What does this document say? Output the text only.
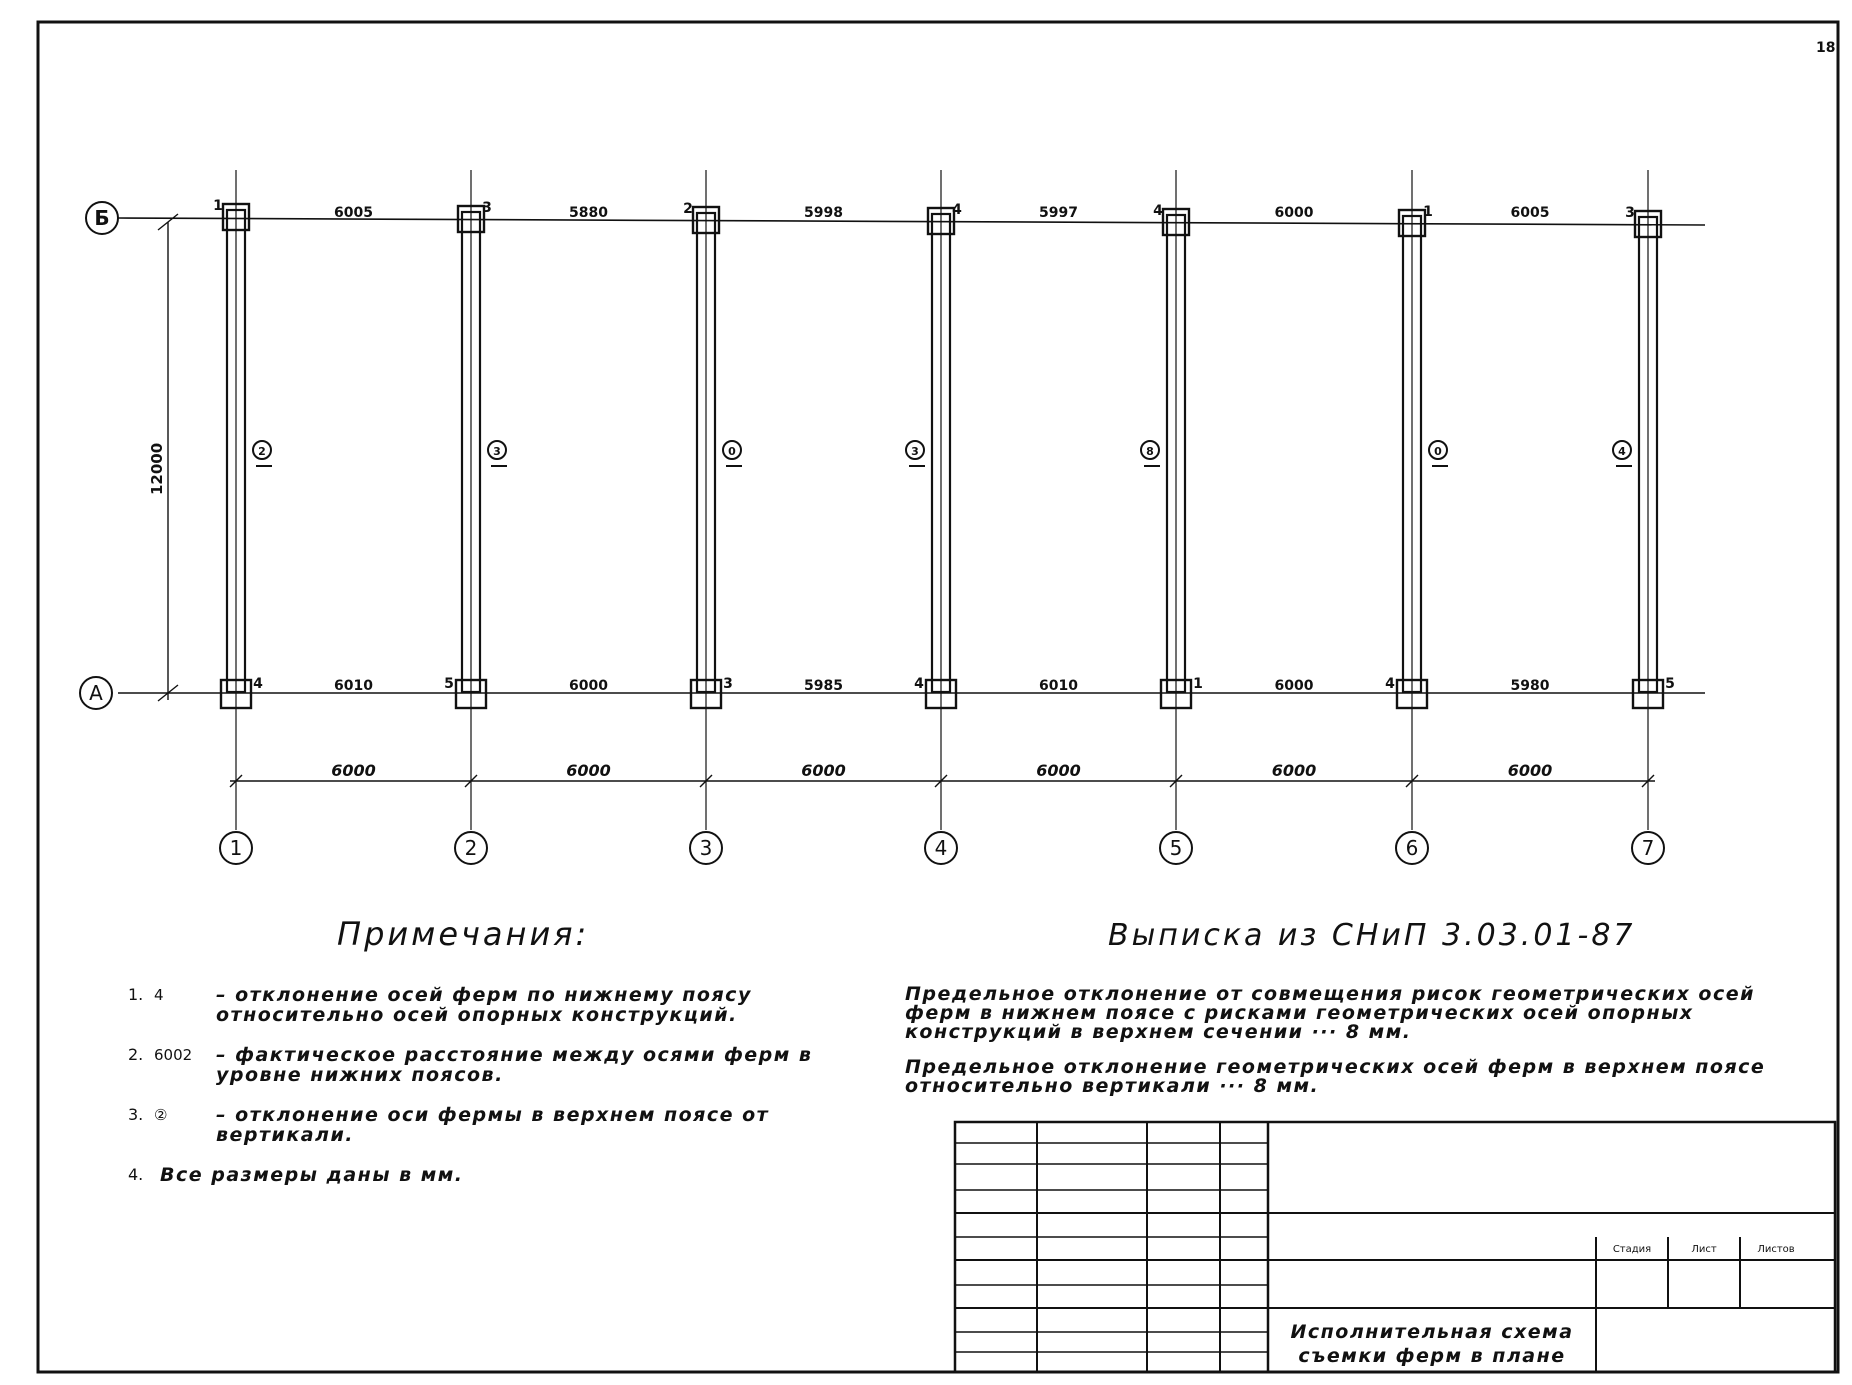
18
Б
А
12000
1
2
1
4
2
3
3
5
3
0
2
3
4
3
4
4
5
8
4
1
6
0
1
4
7
4
3
5
6005
6010
6000
5880
6000
6000
5998
5985
6000
5997
6010
6000
6000
6000
6000
6005
5980
6000
Примечания:	Выписка из СНиП 3.03.01-87
Стадия	Лист	Листов
1. 4	– отклонение осей ферм по нижнему поясу относительно осей опорных конструкций.
2. 6002 – фактическое расстояние между осями ферм в уровне нижних поясов.
3. ②	– отклонение оси фермы в верхнем поясе от вертикали.
4. Все размеры даны в мм.

Предельное отклонение от совмещения рисок геометрических осей ферм в нижнем поясе с рисками геометрических осей опорных конструкций в верхнем сечении ··· 8 мм.

Предельное отклонение геометрических осей ферм в верхнем поясе относительно вертикали ··· 8 мм.

Исполнительная схема съемки ферм в плане
